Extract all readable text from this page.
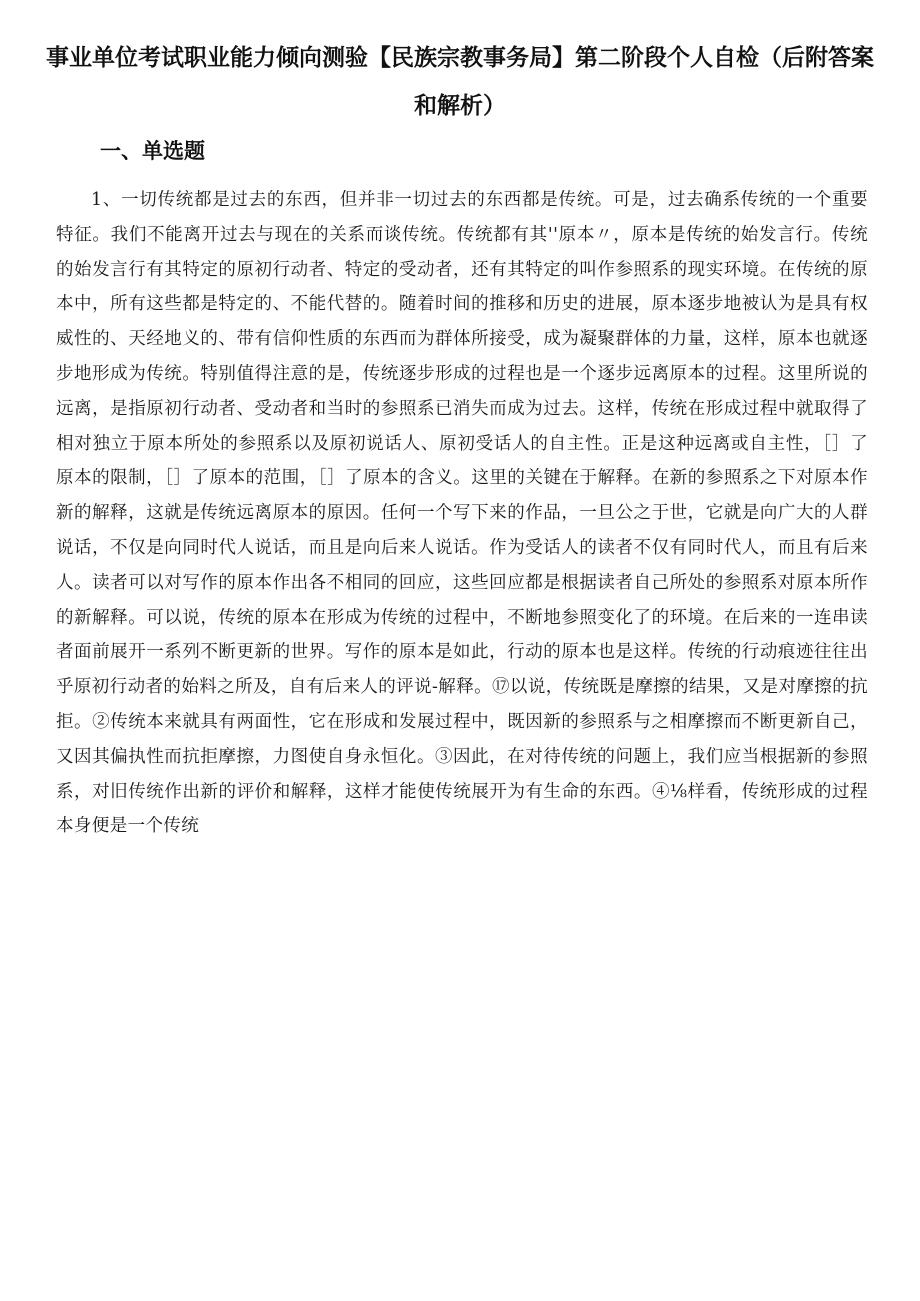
事业单位考试职业能力倾向测验【民族宗教事务局】第二阶段个人自检（后附答案和解析）
一、单选题

1、一切传统都是过去的东西，但并非一切过去的东西都是传统。可是，过去确系传统的一个重要特征。我们不能离开过去与现在的关系而谈传统。传统都有其''原本〃，原本是传统的始发言行。传统的始发言行有其特定的原初行动者、特定的受动者，还有其特定的叫作参照系的现实环境。在传统的原本中，所有这些都是特定的、不能代替的。随着时间的推移和历史的进展，原本逐步地被认为是具有权威性的、天经地义的、带有信仰性质的东西而为群体所接受，成为凝聚群体的力量，这样，原本也就逐步地形成为传统。特别值得注意的是，传统逐步形成的过程也是一个逐步远离原本的过程。这里所说的远离，是指原初行动者、受动者和当时的参照系已消失而成为过去。这样，传统在形成过程中就取得了相对独立于原本所处的参照系以及原初说话人、原初受话人的自主性。正是这种远离或自主性，［］了原本的限制，［］了原本的范围，［］了原本的含义。这里的关键在于解释。在新的参照系之下对原本作新的解释，这就是传统远离原本的原因。任何一个写下来的作品，一旦公之于世，它就是向广大的人群说话，不仅是向同时代人说话，而且是向后来人说话。作为受话人的读者不仅有同时代人，而且有后来人。读者可以对写作的原本作出各不相同的回应，这些回应都是根据读者自己所处的参照系对原本所作的新解释。可以说，传统的原本在形成为传统的过程中，不断地参照变化了的环境。在后来的一连串读者面前展开一系列不断更新的世界。写作的原本是如此，行动的原本也是这样。传统的行动痕迹往往出乎原初行动者的始料之所及，自有后来人的评说-解释。⑰以说，传统既是摩擦的结果，又是对摩擦的抗拒。②传统本来就具有两面性，它在形成和发展过程中，既因新的参照系与之相摩擦而不断更新自己，又因其偏执性而抗拒摩擦，力图使自身永恒化。③因此，在对待传统的问题上，我们应当根据新的参照系，对旧传统作出新的评价和解释，这样才能使传统展开为有生命的东西。④⅛样看，传统形成的过程本身便是一个传统
